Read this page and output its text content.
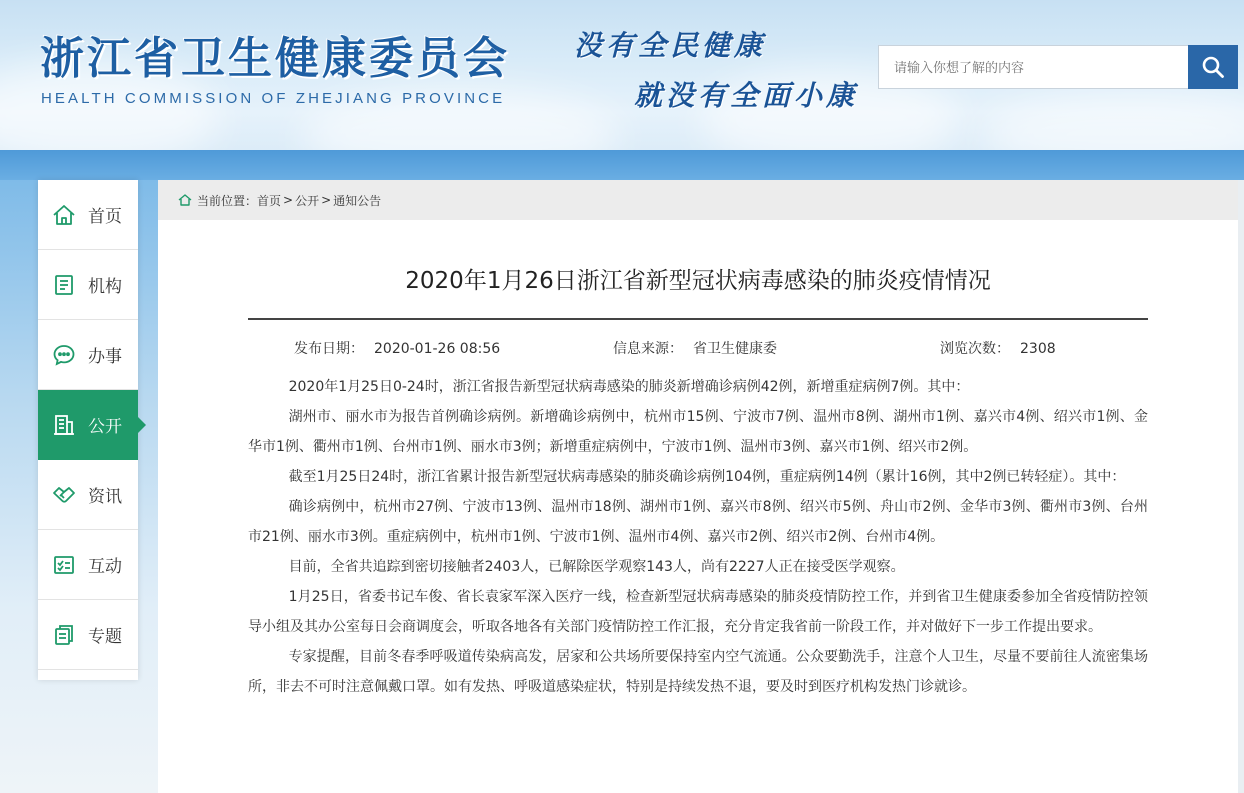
浙江省卫生健康委员会
HEALTH COMMISSION OF ZHEJIANG PROVINCE
没有全民健康
就没有全面小康
请输入你想了解的内容
首页
机构
办事
公开
资讯
互动
专题
当前位置： 首页 > 公开 > 通知公告
2020年1月26日浙江省新型冠状病毒感染的肺炎疫情情况
发布日期： 2020-01-26 08:56	信息来源： 省卫生健康委	浏览次数： 2308

2020年1月25日0-24时，浙江省报告新型冠状病毒感染的肺炎新增确诊病例42例，新增重症病例7例。其中：

湖州市、丽水市为报告首例确诊病例。新增确诊病例中，杭州市15例、宁波市7例、温州市8例、湖州市1例、嘉兴市4例、绍兴市1例、金华市1例、衢州市1例、台州市1例、丽水市3例；新增重症病例中，宁波市1例、温州市3例、嘉兴市1例、绍兴市2例。

截至1月25日24时，浙江省累计报告新型冠状病毒感染的肺炎确诊病例104例，重症病例14例（累计16例，其中2例已转轻症）。其中：

确诊病例中，杭州市27例、宁波市13例、温州市18例、湖州市1例、嘉兴市8例、绍兴市5例、舟山市2例、金华市3例、衢州市3例、台州市21例、丽水市3例。重症病例中，杭州市1例、宁波市1例、温州市4例、嘉兴市2例、绍兴市2例、台州市4例。

目前，全省共追踪到密切接触者2403人，已解除医学观察143人，尚有2227人正在接受医学观察。

1月25日，省委书记车俊、省长袁家军深入医疗一线，检查新型冠状病毒感染的肺炎疫情防控工作，并到省卫生健康委参加全省疫情防控领导小组及其办公室每日会商调度会，听取各地各有关部门疫情防控工作汇报，充分肯定我省前一阶段工作，并对做好下一步工作提出要求。

专家提醒，目前冬春季呼吸道传染病高发，居家和公共场所要保持室内空气流通。公众要勤洗手，注意个人卫生，尽量不要前往人流密集场所，非去不可时注意佩戴口罩。如有发热、呼吸道感染症状，特别是持续发热不退，要及时到医疗机构发热门诊就诊。
